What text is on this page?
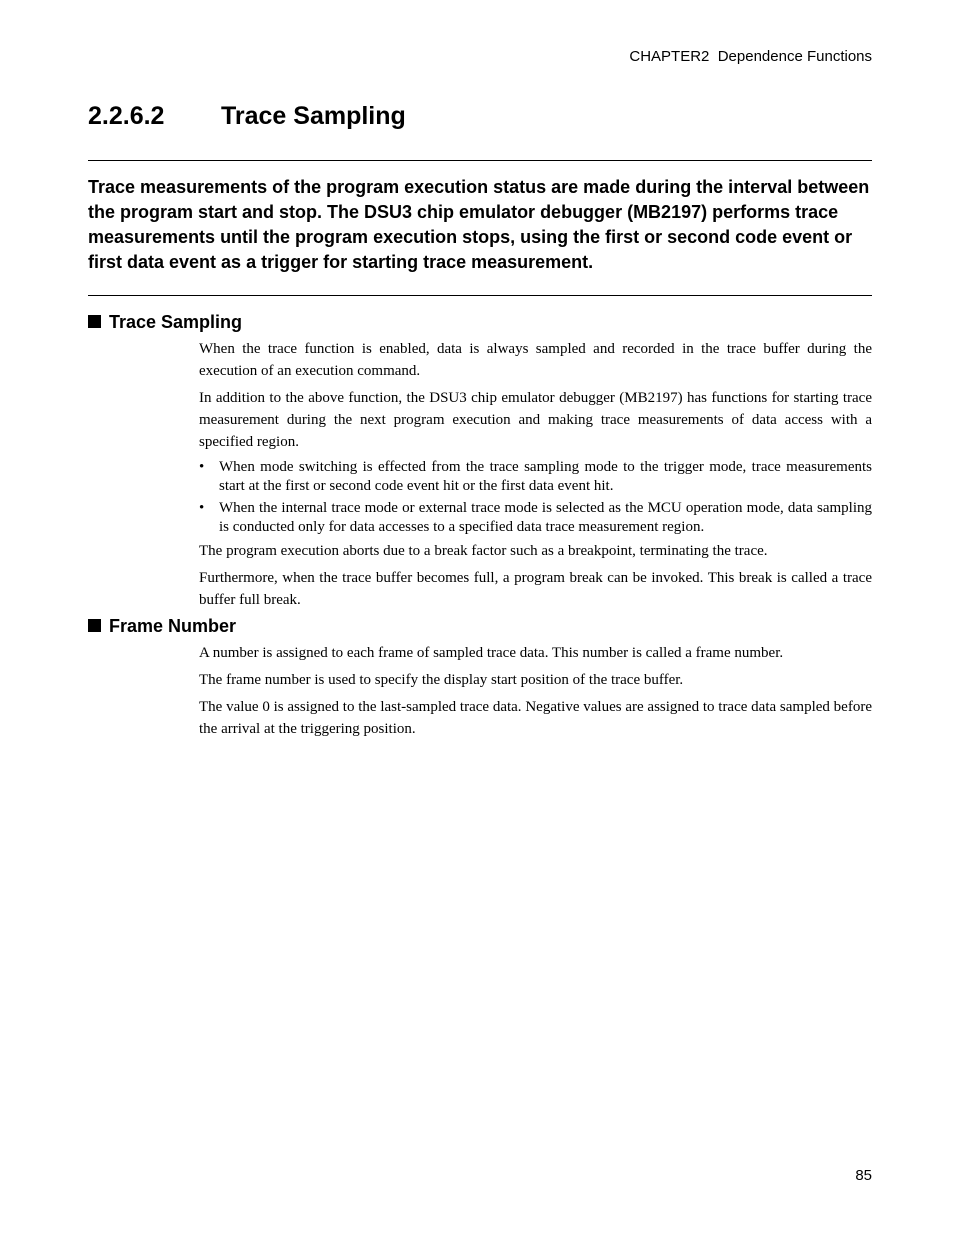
CHAPTER2  Dependence Functions
2.2.6.2 Trace Sampling

Trace measurements of the program execution status are made during the interval between the program start and stop. The DSU3 chip emulator debugger (MB2197) performs trace measurements until the program execution stops, using the first or second code event or first data event as a trigger for starting trace measurement.

Trace Sampling

When the trace function is enabled, data is always sampled and recorded in the trace buffer during the execution of an execution command.

In addition to the above function, the DSU3 chip emulator debugger (MB2197) has functions for starting trace measurement during the next program execution and making trace measurements of data access with a specified region.

• When mode switching is effected from the trace sampling mode to the trigger mode, trace measurements start at the first or second code event hit or the first data event hit.
• When the internal trace mode or external trace mode is selected as the MCU operation mode, data sampling is conducted only for data accesses to a specified data trace measurement region.

The program execution aborts due to a break factor such as a breakpoint, terminating the trace.

Furthermore, when the trace buffer becomes full, a program break can be invoked. This break is called a trace buffer full break.

Frame Number

A number is assigned to each frame of sampled trace data. This number is called a frame number.

The frame number is used to specify the display start position of the trace buffer.

The value 0 is assigned to the last-sampled trace data. Negative values are assigned to trace data sampled before the arrival at the triggering position.

85
